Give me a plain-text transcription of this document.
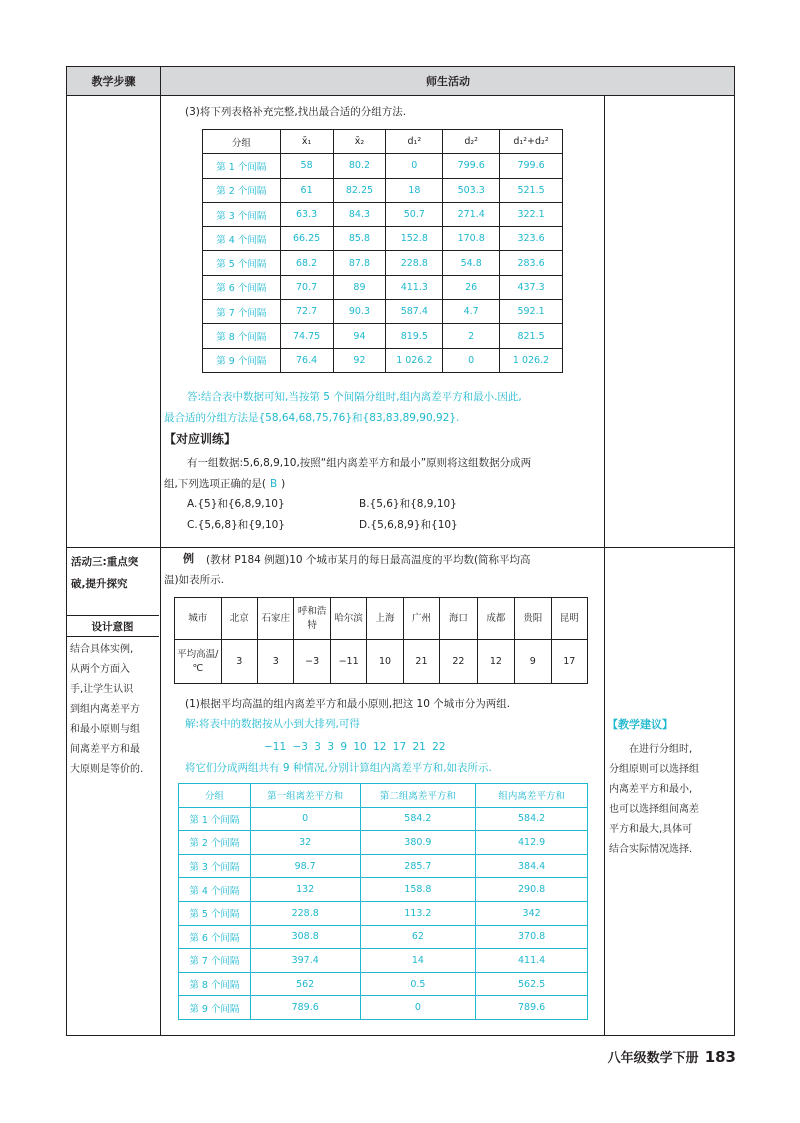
教学步骤	师生活动
(3)将下列表格补充完整,找出最合适的分组方法.
分组	x̄₁	x̄₂	d₁²	d₂²	d₁²+d₂²
第 1 个间隔	58	80.2	0	799.6	799.6
第 2 个间隔	61	82.25	18	503.3	521.5
第 3 个间隔	63.3	84.3	50.7	271.4	322.1
第 4 个间隔	66.25	85.8	152.8	170.8	323.6
第 5 个间隔	68.2	87.8	228.8	54.8	283.6
第 6 个间隔	70.7	89	411.3	26	437.3
第 7 个间隔	72.7	90.3	587.4	4.7	592.1
第 8 个间隔	74.75	94	819.5	2	821.5
第 9 个间隔	76.4	92	1 026.2	0	1 026.2
答:结合表中数据可知,当按第 5 个间隔分组时,组内离差平方和最小.因此,
最合适的分组方法是{58,64,68,75,76}和{83,83,89,90,92}.
【对应训练】
有一组数据:5,6,8,9,10,按照“组内离差平方和最小”原则将这组数据分成两
组,下列选项正确的是( B )
A.{5}和{6,8,9,10}	B.{5,6}和{8,9,10}
C.{5,6,8}和{9,10}	D.{5,6,8,9}和{10}
活动三:重点突
破,提升探究
设计意图
结合具体实例,
从两个方面入
手,让学生认识
到组内离差平方
和最小原则与组
间离差平方和最
大原则是等价的.
例 (教材 P184 例题)10 个城市某月的每日最高温度的平均数(简称平均高
温)如表所示.
城市	北京	石家庄	呼和浩特	哈尔滨	上海	广州	海口	成都	贵阳	昆明
平均高温/℃	3	3	−3	−11	10	21	22	12	9	17
(1)根据平均高温的组内离差平方和最小原则,把这 10 个城市分为两组.
解:将表中的数据按从小到大排列,可得
−11 −3 3 3 9 10 12 17 21 22
将它们分成两组共有 9 种情况,分别计算组内离差平方和,如表所示.
分组	第一组离差平方和	第二组离差平方和	组内离差平方和
第 1 个间隔	0	584.2	584.2
第 2 个间隔	32	380.9	412.9
第 3 个间隔	98.7	285.7	384.4
第 4 个间隔	132	158.8	290.8
第 5 个间隔	228.8	113.2	342
第 6 个间隔	308.8	62	370.8
第 7 个间隔	397.4	14	411.4
第 8 个间隔	562	0.5	562.5
第 9 个间隔	789.6	0	789.6
【教学建议】
在进行分组时,
分组原则可以选择组
内离差平方和最小,
也可以选择组间离差
平方和最大,具体可
结合实际情况选择.
八年级数学下册 183
